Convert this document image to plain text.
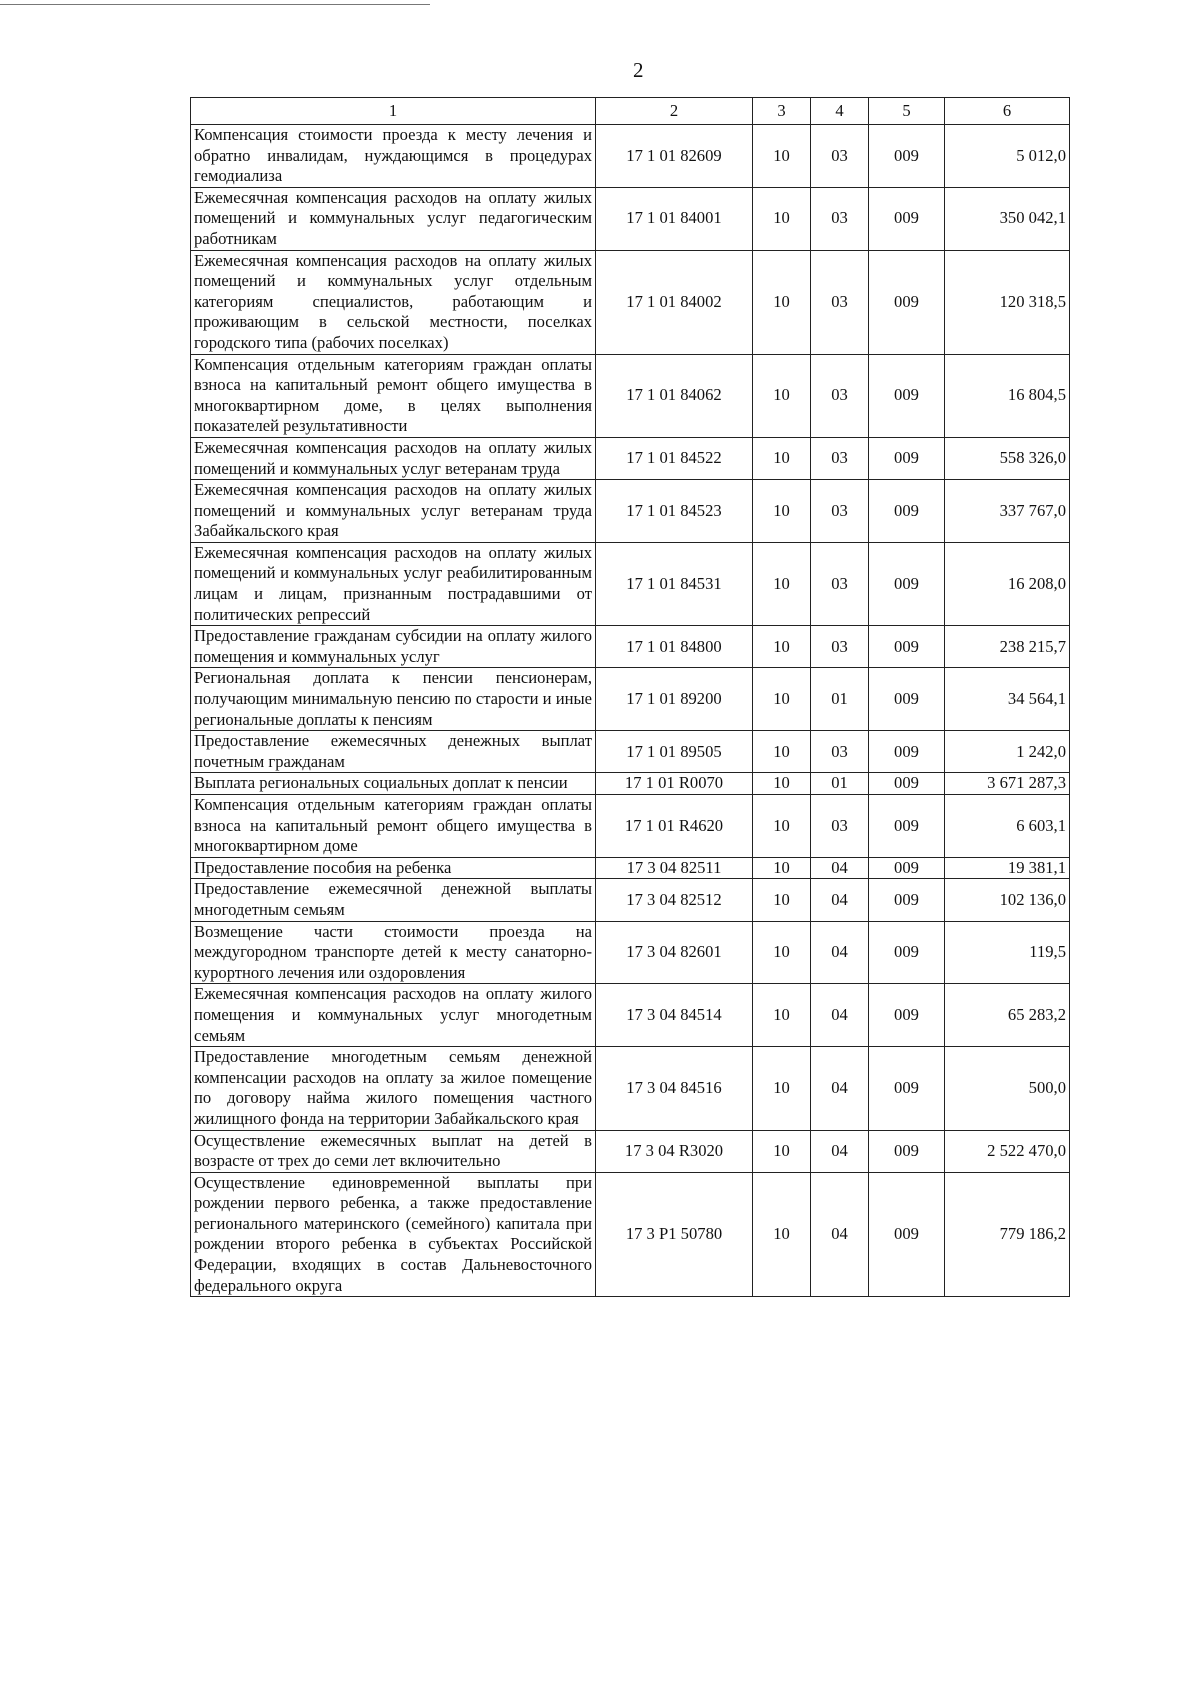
2
1	2	3	4	5	6
Компенсация стоимости проезда к месту лечения и обратно инвалидам, нуждающимся в процедурах гемодиализа	17 1 01 82609	10	03	009	5 012,0
Ежемесячная компенсация расходов на оплату жилых помещений и коммунальных услуг педагогическим работникам	17 1 01 84001	10	03	009	350 042,1
Ежемесячная компенсация расходов на оплату жилых помещений и коммунальных услуг отдельным категориям специалистов, работающим и проживающим в сельской местности, поселках городского типа (рабочих поселках)	17 1 01 84002	10	03	009	120 318,5
Компенсация отдельным категориям граждан оплаты взноса на капитальный ремонт общего имущества в многоквартирном доме, в целях выполнения показателей результативности	17 1 01 84062	10	03	009	16 804,5
Ежемесячная компенсация расходов на оплату жилых помещений и коммунальных услуг ветеранам труда	17 1 01 84522	10	03	009	558 326,0
Ежемесячная компенсация расходов на оплату жилых помещений и коммунальных услуг ветеранам труда Забайкальского края	17 1 01 84523	10	03	009	337 767,0
Ежемесячная компенсация расходов на оплату жилых помещений и коммунальных услуг реабилитированным лицам и лицам, признанным пострадавшими от политических репрессий	17 1 01 84531	10	03	009	16 208,0
Предоставление гражданам субсидии на оплату жилого помещения и коммунальных услуг	17 1 01 84800	10	03	009	238 215,7
Региональная доплата к пенсии пенсионерам, получающим минимальную пенсию по старости и иные региональные доплаты к пенсиям	17 1 01 89200	10	01	009	34 564,1
Предоставление ежемесячных денежных выплат почетным гражданам	17 1 01 89505	10	03	009	1 242,0
Выплата региональных социальных доплат к пенсии	17 1 01 R0070	10	01	009	3 671 287,3
Компенсация отдельным категориям граждан оплаты взноса на капитальный ремонт общего имущества в многоквартирном доме	17 1 01 R4620	10	03	009	6 603,1
Предоставление пособия на ребенка	17 3 04 82511	10	04	009	19 381,1
Предоставление ежемесячной денежной выплаты многодетным семьям	17 3 04 82512	10	04	009	102 136,0
Возмещение части стоимости проезда на междугородном транспорте детей к месту санаторно-курортного лечения или оздоровления	17 3 04 82601	10	04	009	119,5
Ежемесячная компенсация расходов на оплату жилого помещения и коммунальных услуг многодетным семьям	17 3 04 84514	10	04	009	65 283,2
Предоставление многодетным семьям денежной компенсации расходов на оплату за жилое помещение по договору найма жилого помещения частного жилищного фонда на территории Забайкальского края	17 3 04 84516	10	04	009	500,0
Осуществление ежемесячных выплат на детей в возрасте от трех до семи лет включительно	17 3 04 R3020	10	04	009	2 522 470,0
Осуществление единовременной выплаты при рождении первого ребенка, а также предоставление регионального материнского (семейного) капитала при рождении второго ребенка в субъектах Российской Федерации, входящих в состав Дальневосточного федерального округа	17 3 P1 50780	10	04	009	779 186,2
